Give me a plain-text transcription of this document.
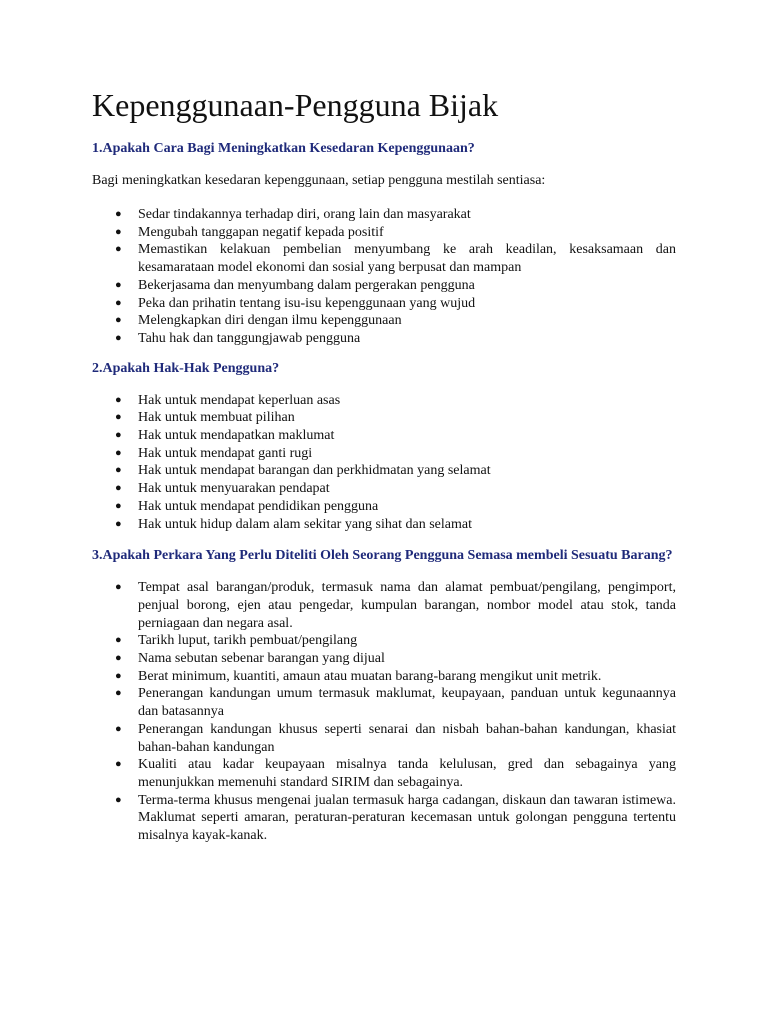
Kepenggunaan-Pengguna Bijak
1.Apakah Cara Bagi Meningkatkan Kesedaran Kepenggunaan?

Bagi meningkatkan kesedaran kepenggunaan, setiap pengguna mestilah sentiasa:

● Sedar tindakannya terhadap diri, orang lain dan masyarakat
● Mengubah tanggapan negatif kepada positif
● Memastikan kelakuan pembelian menyumbang ke arah keadilan, kesaksamaan dan kesamarataan model ekonomi dan sosial yang berpusat dan mampan
● Bekerjasama dan menyumbang dalam pergerakan pengguna
● Peka dan prihatin tentang isu-isu kepenggunaan yang wujud
● Melengkapkan diri dengan ilmu kepenggunaan
● Tahu hak dan tanggungjawab pengguna
2.Apakah Hak-Hak Pengguna?
● Hak untuk mendapat keperluan asas
● Hak untuk membuat pilihan
● Hak untuk mendapatkan maklumat
● Hak untuk mendapat ganti rugi
● Hak untuk mendapat barangan dan perkhidmatan yang selamat
● Hak untuk menyuarakan pendapat
● Hak untuk mendapat pendidikan pengguna
● Hak untuk hidup dalam alam sekitar yang sihat dan selamat
3.Apakah Perkara Yang Perlu Diteliti Oleh Seorang Pengguna Semasa membeli Sesuatu Barang?
● Tempat asal barangan/produk, termasuk nama dan alamat pembuat/pengilang, pengimport, penjual borong, ejen atau pengedar, kumpulan barangan, nombor model atau stok, tanda perniagaan dan negara asal.
● Tarikh luput, tarikh pembuat/pengilang
● Nama sebutan sebenar barangan yang dijual
● Berat minimum, kuantiti, amaun atau muatan barang-barang mengikut unit metrik.
● Penerangan kandungan umum termasuk maklumat, keupayaan, panduan untuk kegunaannya dan batasannya
● Penerangan kandungan khusus seperti senarai dan nisbah bahan-bahan kandungan, khasiat bahan-bahan kandungan
● Kualiti atau kadar keupayaan misalnya tanda kelulusan, gred dan sebagainya yang menunjukkan memenuhi standard SIRIM dan sebagainya.
● Terma-terma khusus mengenai jualan termasuk harga cadangan, diskaun dan tawaran istimewa. Maklumat seperti amaran, peraturan-peraturan kecemasan untuk golongan pengguna tertentu misalnya kayak-kanak.
